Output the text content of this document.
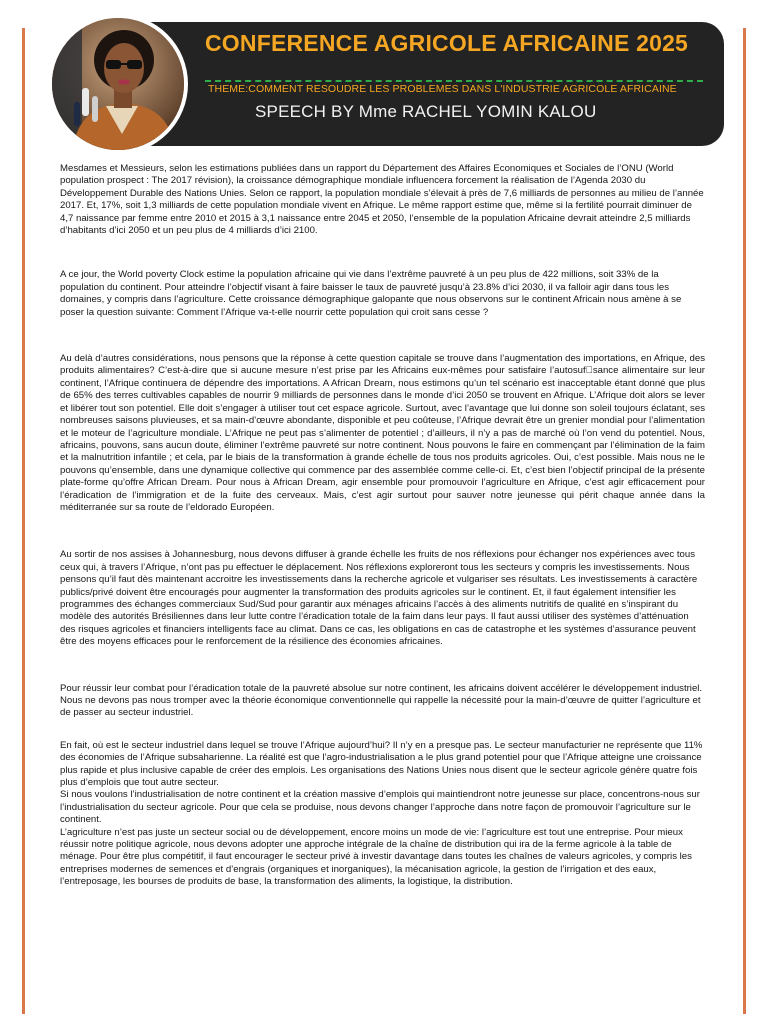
CONFERENCE AGRICOLE AFRICAINE 2025

THEME:COMMENT RESOUDRE LES PROBLEMES DANS L'INDUSTRIE AGRICOLE AFRICAINE

SPEECH BY Mme RACHEL YOMIN KALOU

Mesdames et Messieurs, selon les estimations publiées dans un rapport du Département des Affaires Economiques et Sociales de l’ONU (World population prospect : The 2017 révision), la croissance démographique mondiale influencera forcement la réalisation de l’Agenda 2030 du Développement Durable des Nations Unies. Selon ce rapport, la population mondiale s’élevait à près de 7,6 milliards de personnes au milieu de l’année 2017. Et, 17%, soit 1,3 milliards de cette population mondiale vivent en Afrique. Le même rapport estime que, même si la fertilité pourrait diminuer de 4,7 naissance par femme entre 2010 et 2015 à 3,1 naissance entre 2045 et 2050, l’ensemble de la population Africaine devrait atteindre 2,5 milliards d’habitants d’ici 2050 et un peu plus de 4 milliards d’ici 2100.

A ce jour, the World poverty Clock estime la population africaine qui vie dans l’extrême pauvreté à un peu plus de 422 millions, soit 33% de la population du continent. Pour atteindre l’objectif visant à faire baisser le taux de pauvreté jusqu’à 23.8% d’ici 2030, il va falloir agir dans tous les domaines, y compris dans l’agriculture. Cette croissance démographique galopante que nous observons sur le continent Africain nous amène à se poser la question suivante: Comment l’Afrique va-t-elle nourrir cette population qui croit sans cesse ?

Au delà d’autres considérations, nous pensons que la réponse à cette question capitale se trouve dans l’augmentation des importations, en Afrique, des produits alimentaires? C’est-à-dire que si aucune mesure n’est prise par les Africains eux-mêmes pour satisfaire l’autosuf sance alimentaire sur leur continent, l’Afrique continuera de dépendre des importations. A African Dream, nous estimons qu’un tel scénario est inacceptable étant donné que plus de 65% des terres cultivables capables de nourrir 9 milliards de personnes dans le monde d’ici 2050 se trouvent en Afrique. L’Afrique doit alors se lever et libérer tout son potentiel. Elle doit s’engager à utiliser tout cet espace agricole. Surtout, avec l’avantage que lui donne son soleil toujours éclatant, ses nombreuses saisons pluvieuses, et sa main-d’œuvre abondante, disponible et peu coûteuse, l’Afrique devrait être un grenier mondial pour l’alimentation et le moteur de l’agriculture mondiale. L’Afrique ne peut pas s’alimenter de potentiel ; d’ailleurs, il n’y a pas de marché où l’on vend du potentiel. Nous, africains, pouvons, sans aucun doute, éliminer l’extrême pauvreté sur notre continent. Nous pouvons le faire en commençant par l’élimination de la faim et la malnutrition infantile ; et cela, par le biais de la transformation à grande échelle de tous nos produits agricoles. Oui, c’est possible. Mais nous ne le pouvons qu’ensemble, dans une dynamique collective qui commence par des assemblée comme celle-ci. Et, c’est bien l’objectif principal de la présente plate-forme qu’offre African Dream. Pour nous à African Dream, agir ensemble pour promouvoir l’agriculture en Afrique, c’est agir efficacement pour l’éradication de l’immigration et de la fuite des cerveaux. Mais, c’est agir surtout pour sauver notre jeunesse qui périt chaque année dans la méditerranée sur sa route de l’eldorado Européen.

Au sortir de nos assises à Johannesburg, nous devons diffuser à grande échelle les fruits de nos réflexions pour échanger nos expériences avec tous ceux qui, à travers l’Afrique, n’ont pas pu effectuer le déplacement. Nos réflexions exploreront tous les secteurs y compris les investissements. Nous pensons qu’il faut dès maintenant accroitre les investissements dans la recherche agricole et vulgariser ses résultats. Les investissements à caractère publics/privé doivent être encouragés pour augmenter la transformation des produits agricoles sur le continent. Et, il faut également intensifier les programmes des échanges commerciaux Sud/Sud pour garantir aux ménages africains l’accès à des aliments nutritifs de qualité en s’inspirant du modèle des autorités Brésiliennes dans leur lutte contre l’éradication totale de la faim dans leur pays. Il faut aussi utiliser des systèmes d’atténuation des risques agricoles et financiers intelligents face au climat. Dans ce cas, les obligations en cas de catastrophe et les systèmes d’assurance peuvent être des moyens efficaces pour le renforcement de la résilience des économies africaines.

Pour réussir leur combat pour l’éradication totale de la pauvreté absolue sur notre continent, les africains doivent accélérer le développement industriel. Nous ne devons pas nous tromper avec la théorie économique conventionnelle qui rappelle la nécessité pour la main-d’œuvre de quitter l’agriculture et de passer au secteur industriel.

En fait, où est le secteur industriel dans lequel se trouve l’Afrique aujourd’hui? Il n’y en a presque pas. Le secteur manufacturier ne représente que 11% des économies de l’Afrique subsaharienne. La réalité est que l’agro-industrialisation a le plus grand potentiel pour que l’Afrique atteigne une croissance plus rapide et plus inclusive capable de créer des emplois. Les organisations des Nations Unies nous disent que le secteur agricole génère quatre fois plus d’emplois que tout autre secteur.

Si nous voulons l’industrialisation de notre continent et la création massive d’emplois qui maintiendront notre jeunesse sur place, concentrons-nous sur l’industrialisation du secteur agricole. Pour que cela se produise, nous devons changer l’approche dans notre façon de promouvoir l’agriculture sur le continent.

L’agriculture n’est pas juste un secteur social ou de développement, encore moins un mode de vie: l’agriculture est tout une entreprise. Pour mieux réussir notre politique agricole, nous devons adopter une approche intégrale de la chaîne de distribution qui ira de la ferme agricole à la table de ménage. Pour être plus compétitif, il faut encourager le secteur privé à investir davantage dans toutes les chaînes de valeurs agricoles, y compris les entreprises modernes de semences et d’engrais (organiques et inorganiques), la mécanisation agricole, la gestion de l’irrigation et des eaux, l’entreposage, les bourses de produits de base, la transformation des aliments, la logistique, la distribution.
